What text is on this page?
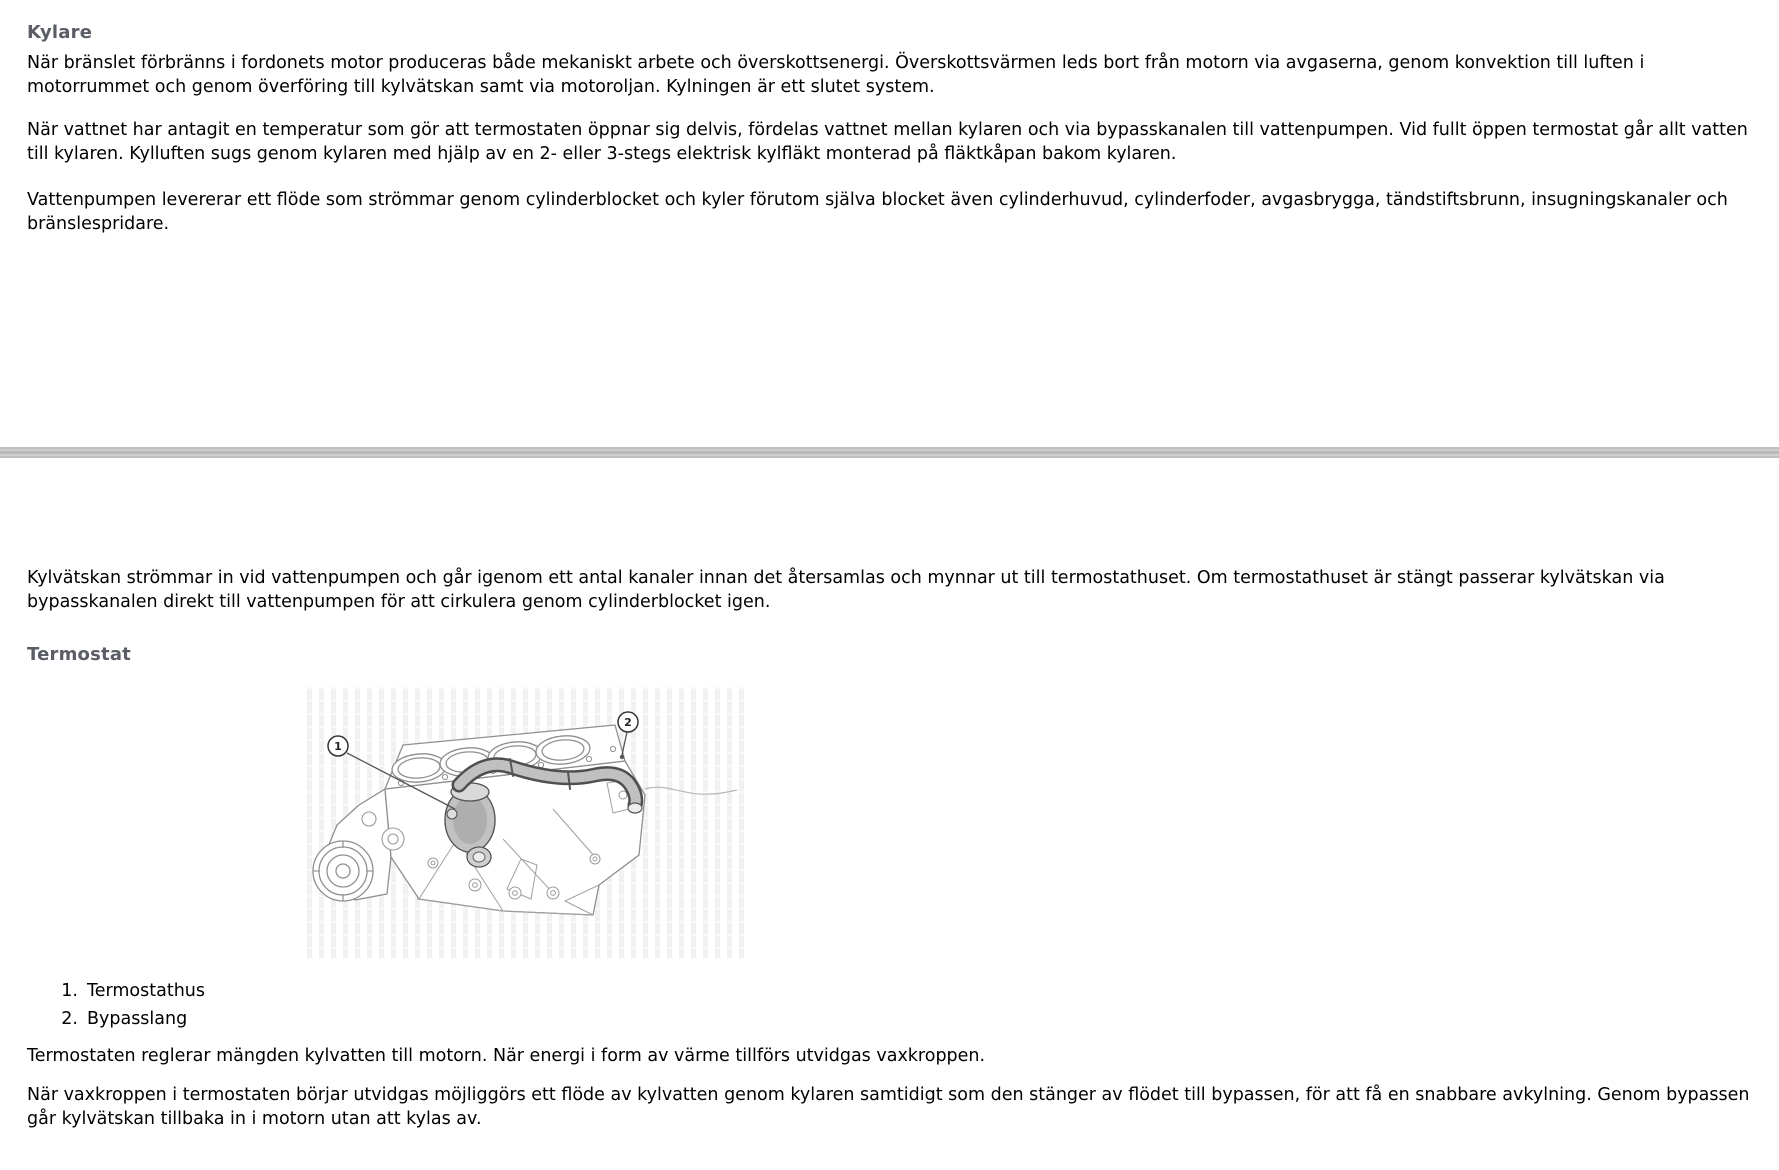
Kylare

När bränslet förbränns i fordonets motor produceras både mekaniskt arbete och överskottsenergi. Överskottsvärmen leds bort från motorn via avgaserna, genom konvektion till luften i motorrummet och genom överföring till kylvätskan samt via motoroljan. Kylningen är ett slutet system.

När vattnet har antagit en temperatur som gör att termostaten öppnar sig delvis, fördelas vattnet mellan kylaren och via bypasskanalen till vattenpumpen. Vid fullt öppen termostat går allt vatten till kylaren. Kylluften sugs genom kylaren med hjälp av en 2- eller 3-stegs elektrisk kylfläkt monterad på fläktkåpan bakom kylaren.

Vattenpumpen levererar ett flöde som strömmar genom cylinderblocket och kyler förutom själva blocket även cylinderhuvud, cylinderfoder, avgasbrygga, tändstiftsbrunn, insugningskanaler och bränslespridare.

Kylvätskan strömmar in vid vattenpumpen och går igenom ett antal kanaler innan det återsamlas och mynnar ut till termostathuset. Om termostathuset är stängt passerar kylvätskan via bypasskanalen direkt till vattenpumpen för att cirkulera genom cylinderblocket igen.

Termostat
1
2
1. Termostathus
2. Bypasslang

Termostaten reglerar mängden kylvatten till motorn. När energi i form av värme tillförs utvidgas vaxkroppen.

När vaxkroppen i termostaten börjar utvidgas möjliggörs ett flöde av kylvatten genom kylaren samtidigt som den stänger av flödet till bypassen, för att få en snabbare avkylning. Genom bypassen går kylvätskan tillbaka in i motorn utan att kylas av.
